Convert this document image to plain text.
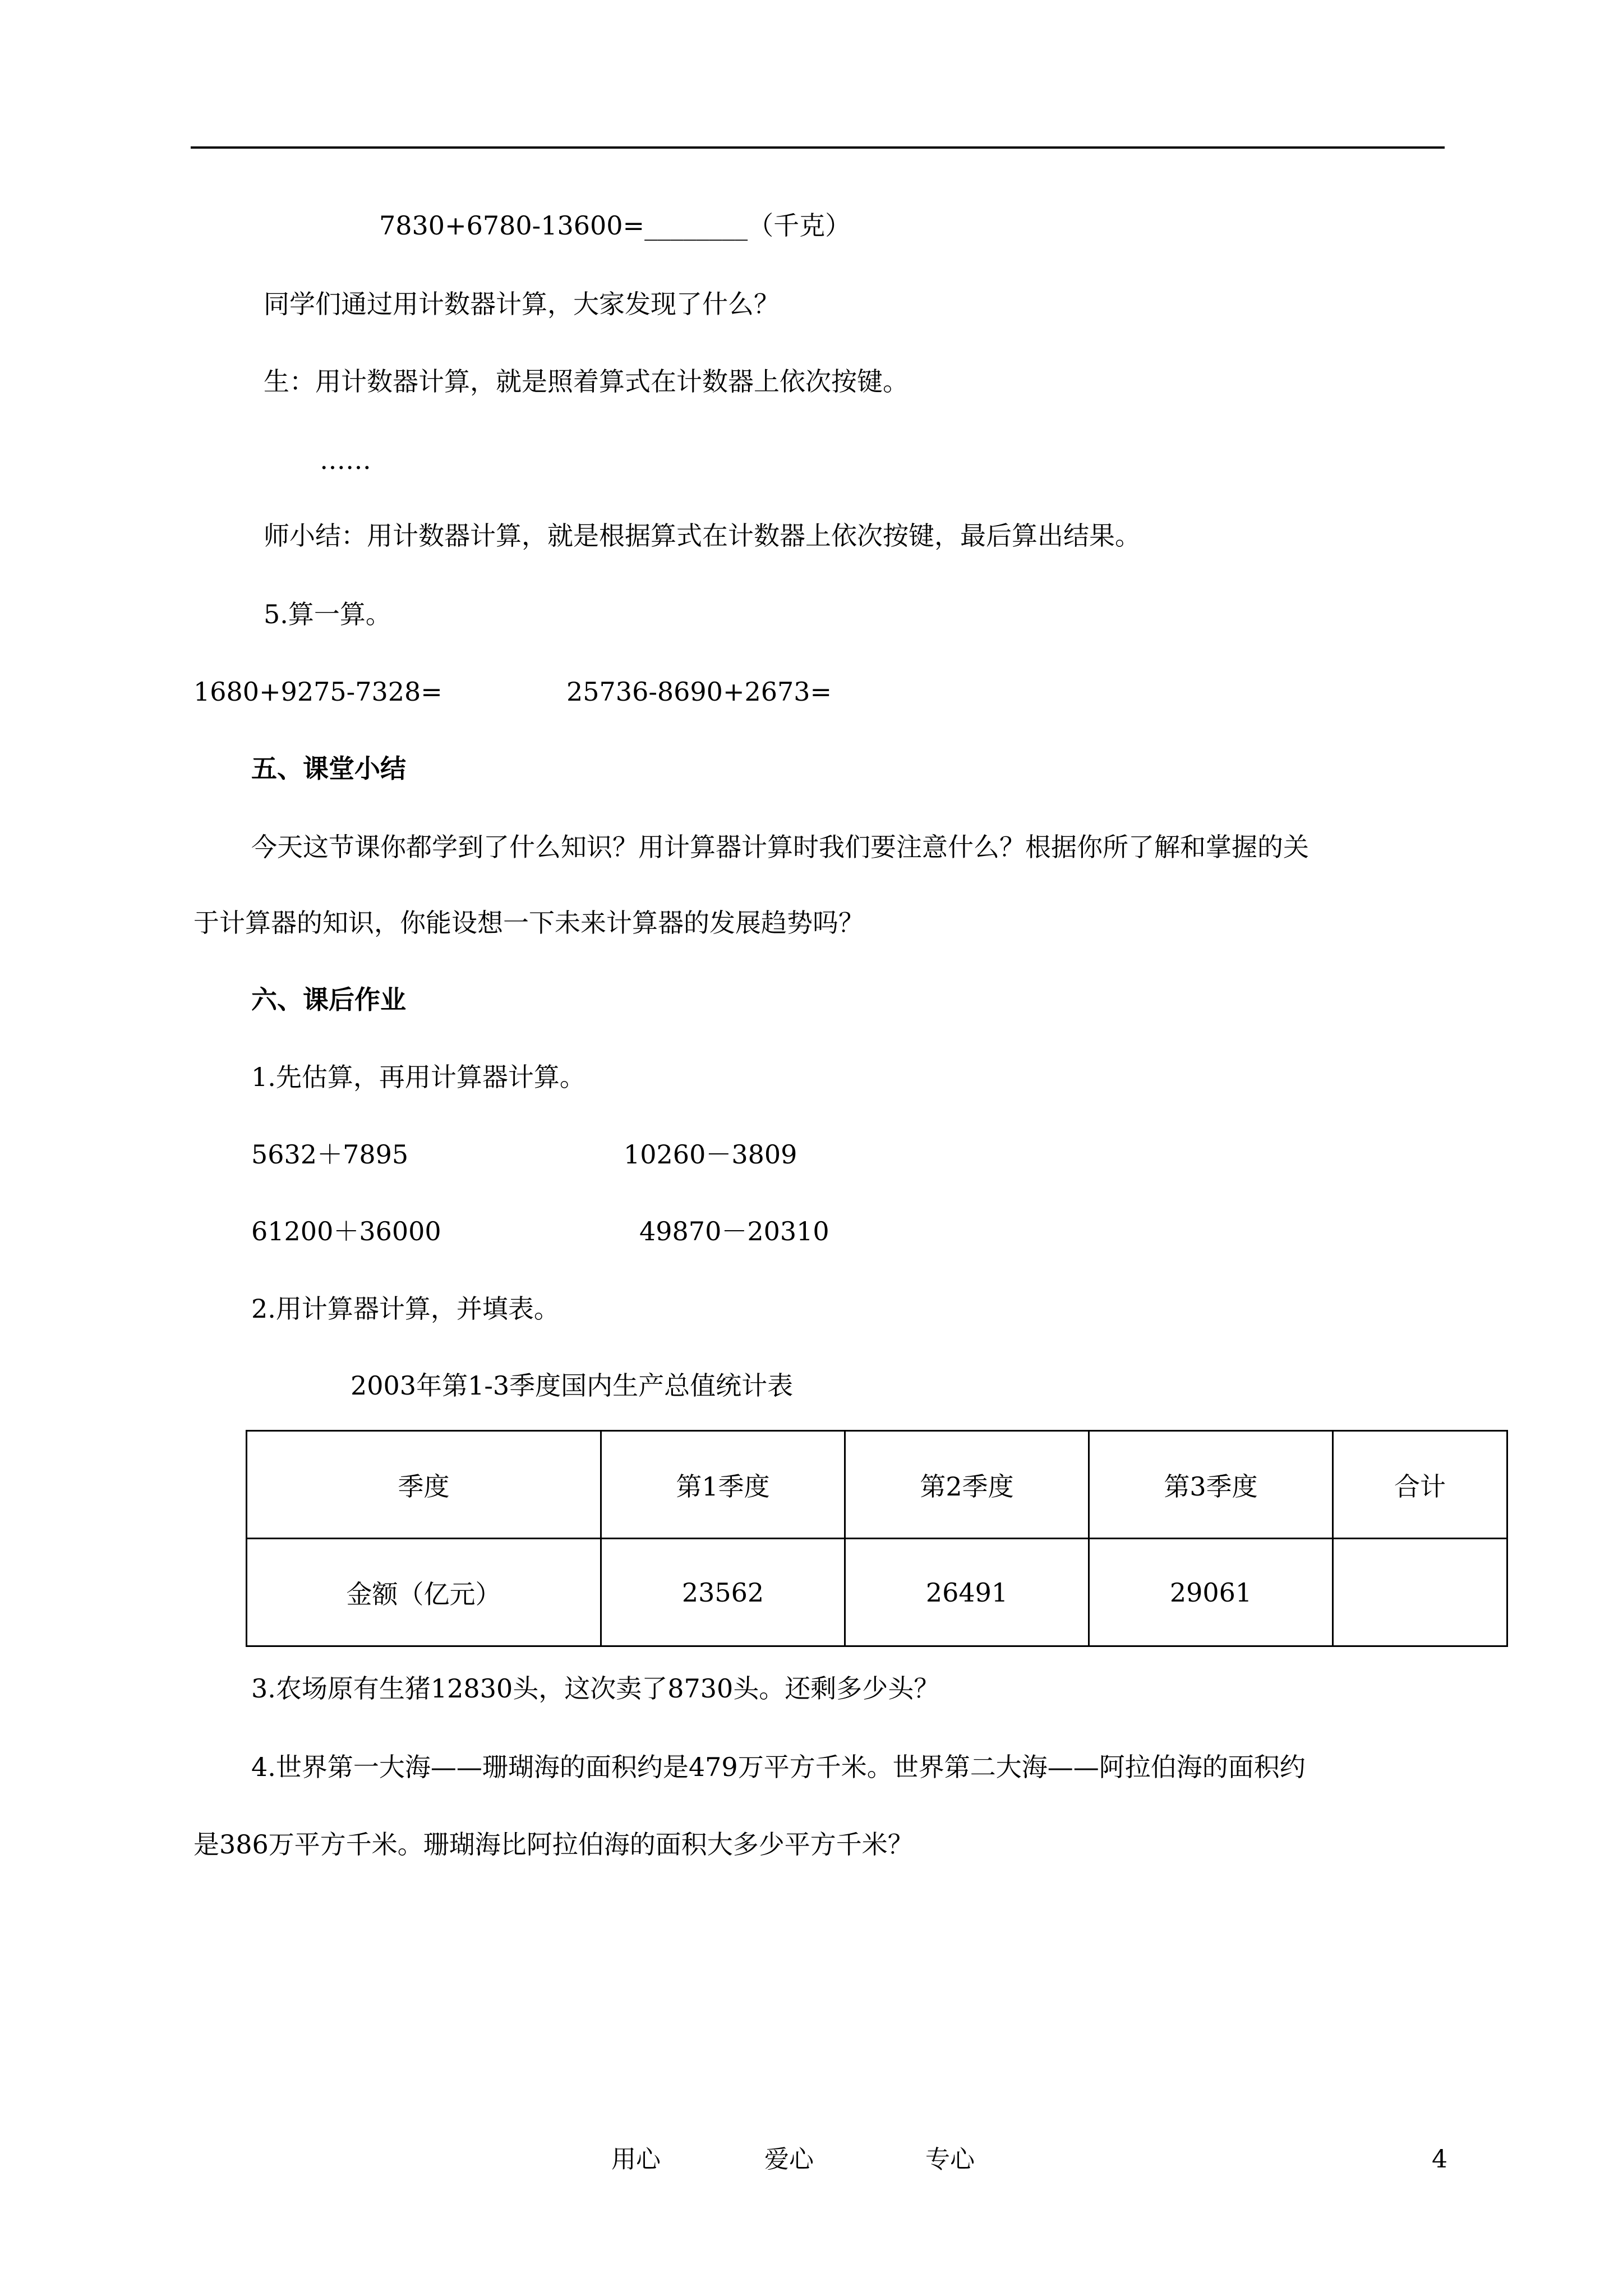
7830+6780-13600=________（千克）
同学们通过用计数器计算，大家发现了什么？
生：用计数器计算，就是照着算式在计数器上依次按键。
……
师小结：用计数器计算，就是根据算式在计数器上依次按键，最后算出结果。
5.算一算。
1680+9275-7328=	25736-8690+2673=
五、课堂小结
今天这节课你都学到了什么知识？用计算器计算时我们要注意什么？根据你所了解和掌握的关
于计算器的知识，你能设想一下未来计算器的发展趋势吗？
六、课后作业
1.先估算，再用计算器计算。
5632＋7895	10260－3809
61200＋36000	49870－20310
2.用计算器计算，并填表。
2003年第1-3季度国内生产总值统计表
季度	第1季度	第2季度	第3季度	合计
金额（亿元）	23562	26491	29061	
3.农场原有生猪12830头，这次卖了8730头。还剩多少头？
4.世界第一大海——珊瑚海的面积约是479万平方千米。世界第二大海——阿拉伯海的面积约
是386万平方千米。珊瑚海比阿拉伯海的面积大多少平方千米？
用心	爱心	专心	4
